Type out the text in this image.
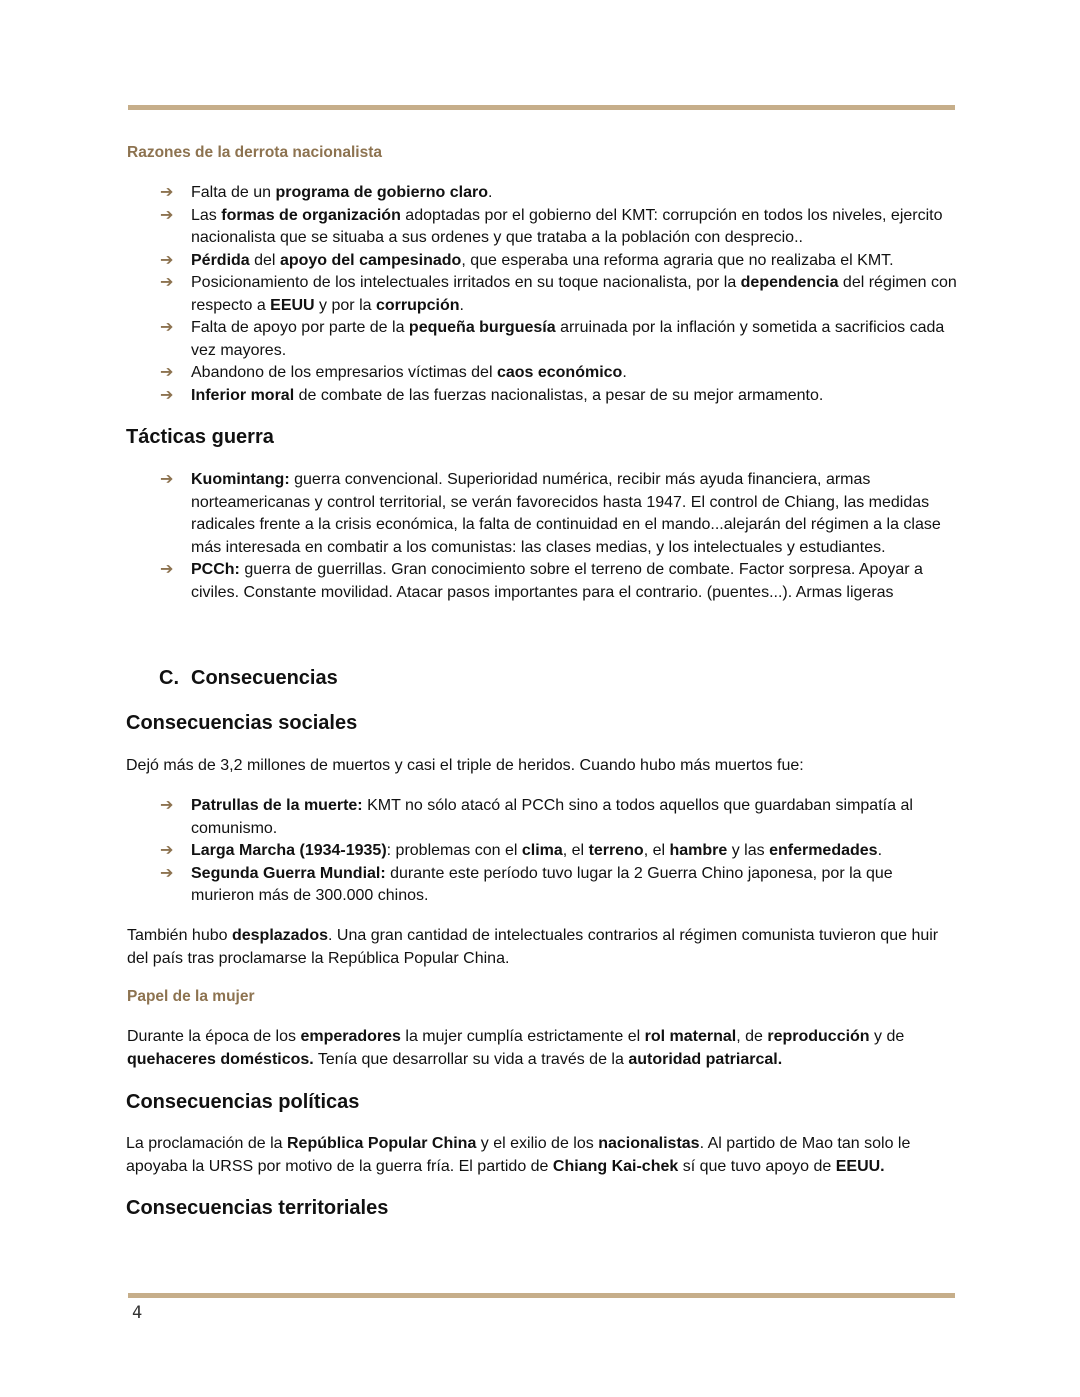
Razones de la derrota nacionalista
➔ Falta de un programa de gobierno claro.
➔ Las formas de organización adoptadas por el gobierno del KMT: corrupción en todos los niveles, ejercito nacionalista que se situaba a sus ordenes y que trataba a la población con desprecio..
➔ Pérdida del apoyo del campesinado, que esperaba una reforma agraria que no realizaba el KMT.
➔ Posicionamiento de los intelectuales irritados en su toque nacionalista, por la dependencia del régimen con respecto a EEUU y por la corrupción.
➔ Falta de apoyo por parte de la pequeña burguesía arruinada por la inflación y sometida a sacrificios cada vez mayores.
➔ Abandono de los empresarios víctimas del caos económico.
➔ Inferior moral de combate de las fuerzas nacionalistas, a pesar de su mejor armamento.
Tácticas guerra
➔ Kuomintang: guerra convencional. Superioridad numérica, recibir más ayuda financiera, armas norteamericanas y control territorial, se verán favorecidos hasta 1947. El control de Chiang, las medidas radicales frente a la crisis económica, la falta de continuidad en el mando...alejarán del régimen a la clase más interesada en combatir a los comunistas: las clases medias, y los intelectuales y estudiantes.
➔ PCCh: guerra de guerrillas. Gran conocimiento sobre el terreno de combate. Factor sorpresa. Apoyar a civiles. Constante movilidad. Atacar pasos importantes para el contrario. (puentes...). Armas ligeras
C. Consecuencias
Consecuencias sociales
Dejó más de 3,2 millones de muertos y casi el triple de heridos. Cuando hubo más muertos fue:
➔ Patrullas de la muerte: KMT no sólo atacó al PCCh sino a todos aquellos que guardaban simpatía al comunismo.
➔ Larga Marcha (1934-1935): problemas con el clima, el terreno, el hambre y las enfermedades.
➔ Segunda Guerra Mundial: durante este período tuvo lugar la 2 Guerra Chino japonesa, por la que murieron más de 300.000 chinos.
También hubo desplazados. Una gran cantidad de intelectuales contrarios al régimen comunista tuvieron que huir del país tras proclamarse la República Popular China.
Papel de la mujer
Durante la época de los emperadores la mujer cumplía estrictamente el rol maternal, de reproducción y de quehaceres domésticos. Tenía que desarrollar su vida a través de la autoridad patriarcal.
Consecuencias políticas
La proclamación de la República Popular China y el exilio de los nacionalistas. Al partido de Mao tan solo le apoyaba la URSS por motivo de la guerra fría. El partido de Chiang Kai-chek sí que tuvo apoyo de EEUU.
Consecuencias territoriales
4
